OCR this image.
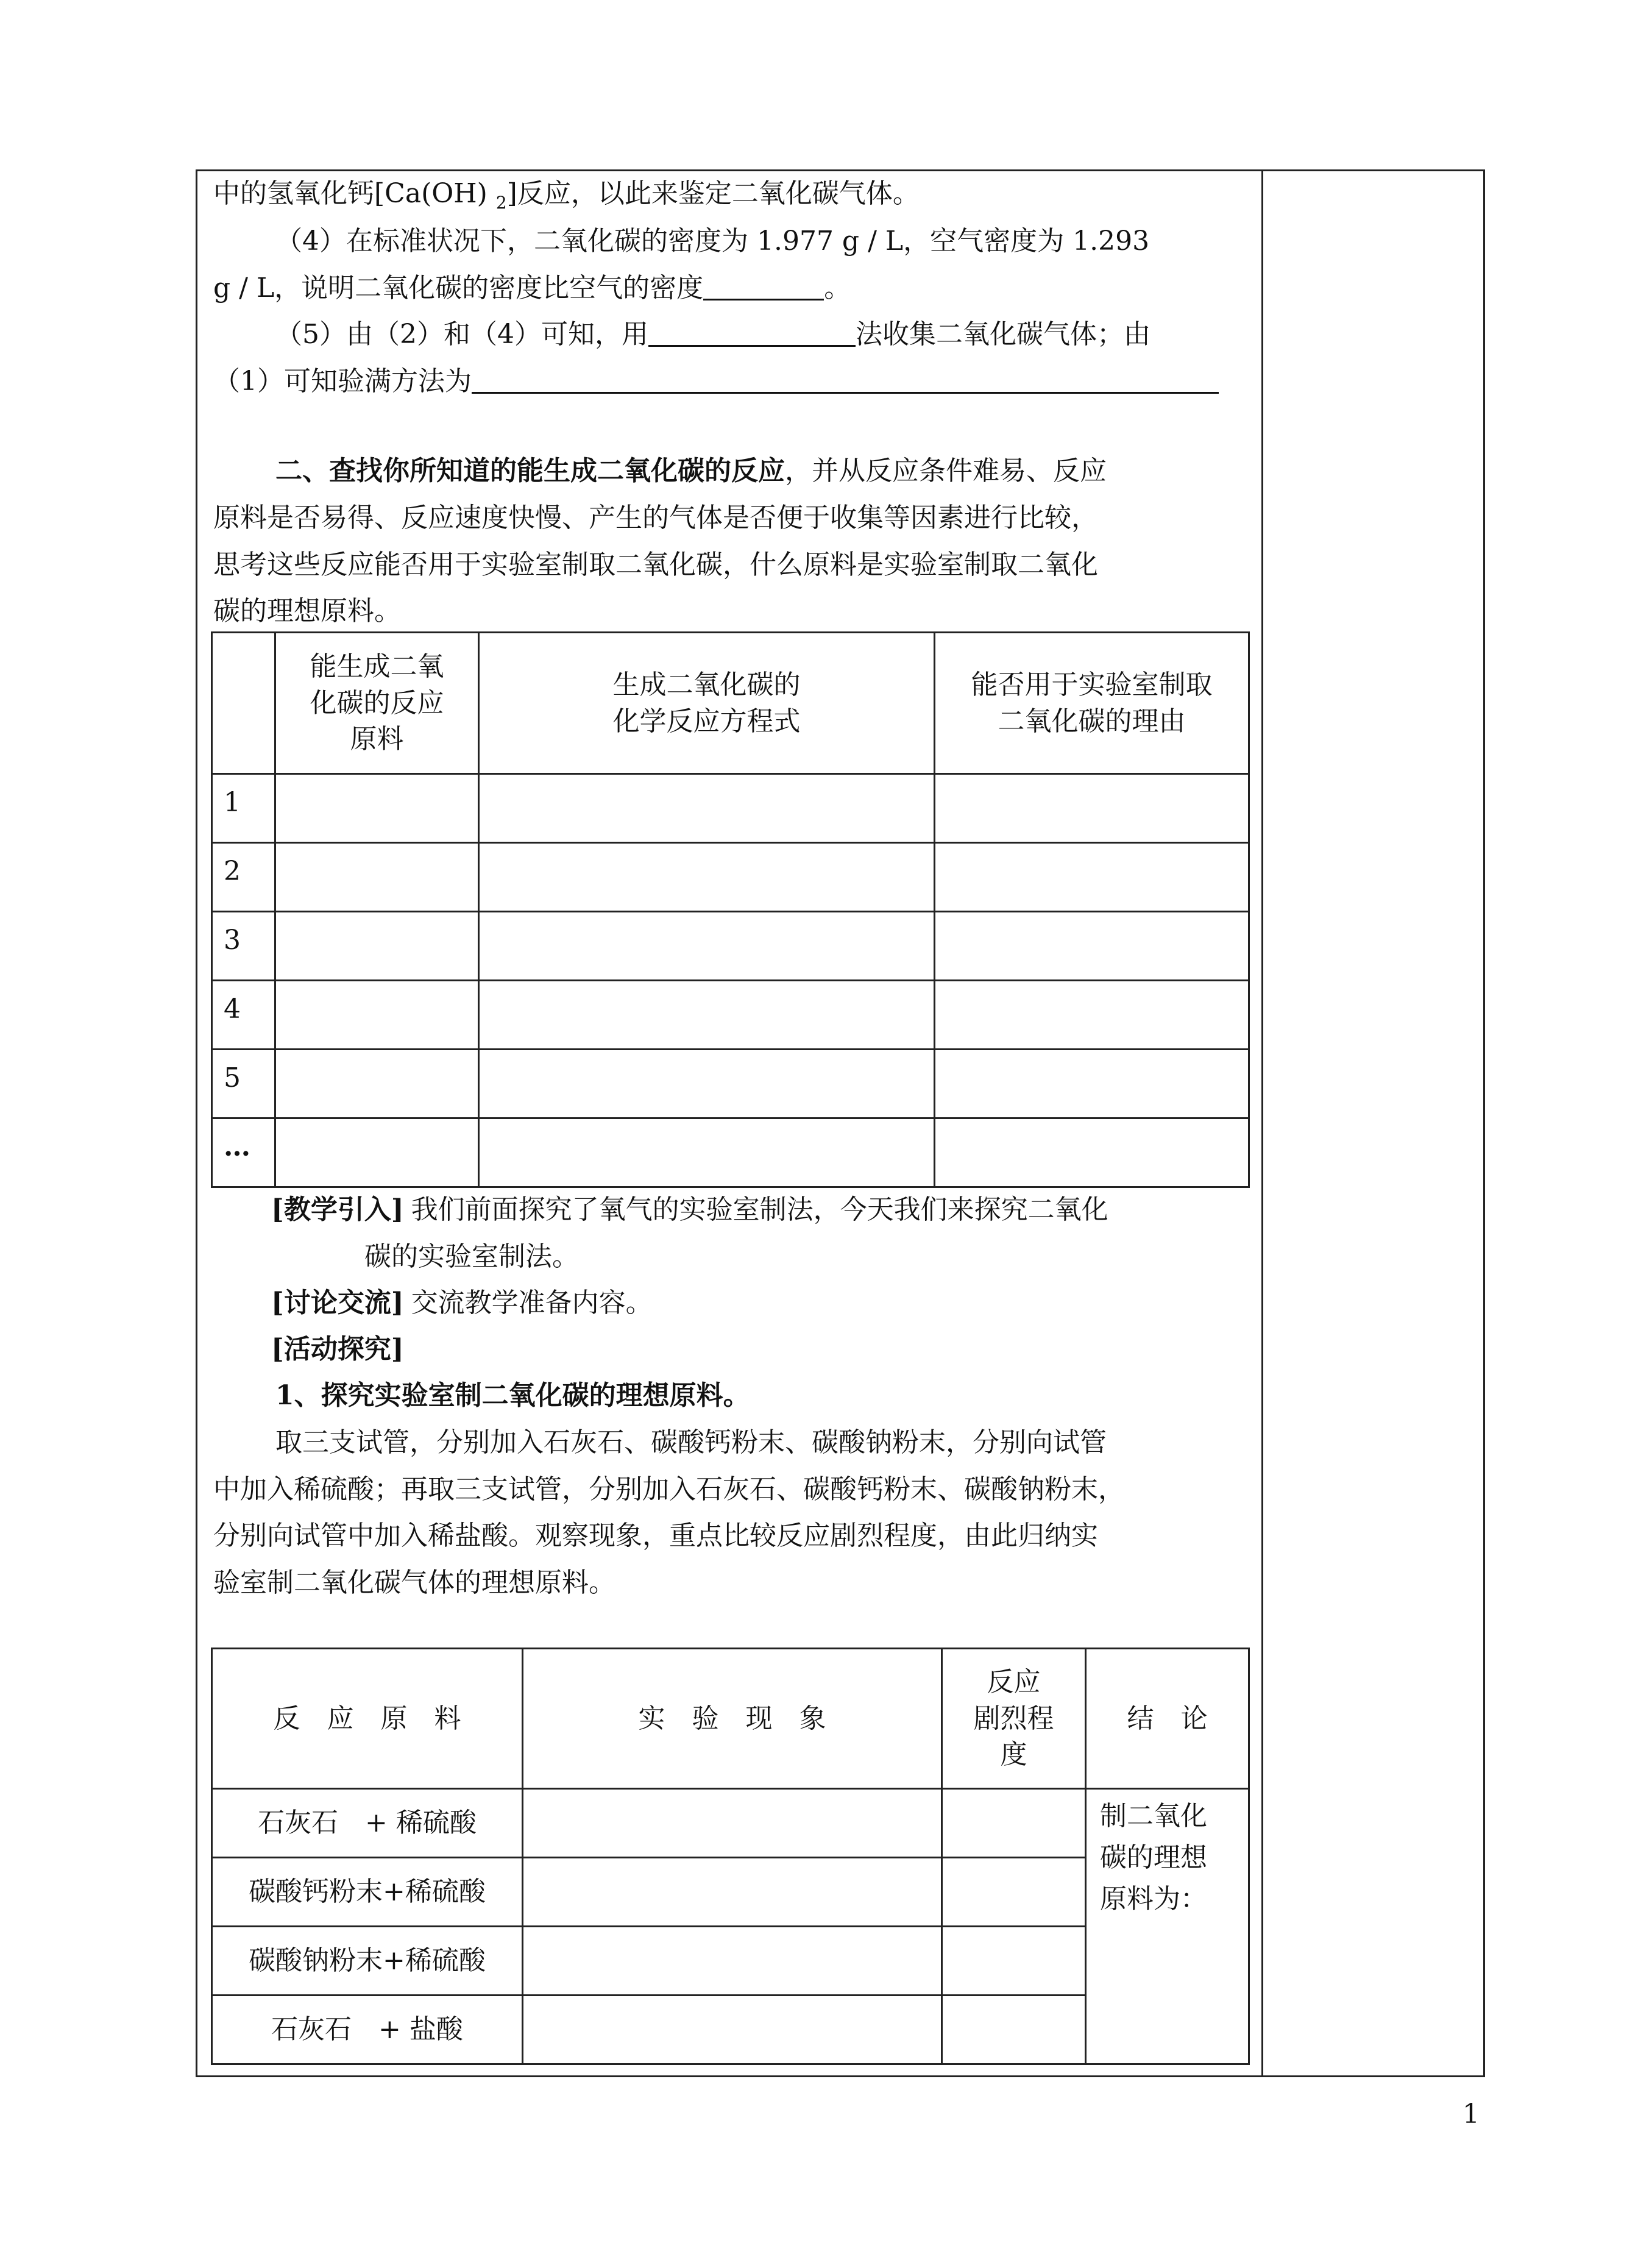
中的氢氧化钙[Ca(OH) $_2$]反应，以此来鉴定二氧化碳气体。
（4）在标准状况下，二氧化碳的密度为 1.977 g / L，空气密度为 1.293
g / L，说明二氧化碳的密度比空气的密度	。
（5）由（2）和（4）可知，用	法收集二氧化碳气体；由
（1）可知验满方法为
二、查找你所知道的能生成二氧化碳的反应，并从反应条件难易、反应
原料是否易得、反应速度快慢、产生的气体是否便于收集等因素进行比较，
思考这些反应能否用于实验室制取二氧化碳，什么原料是实验室制取二氧化
碳的理想原料。
	能生成二氧
化碳的反应
原料	生成二氧化碳的
化学反应方程式	能否用于实验室制取
二氧化碳的理由
1			
2			
3			
4			
5			
…			
[教学引入] 我们前面探究了氧气的实验室制法，今天我们来探究二氧化
碳的实验室制法。
[讨论交流] 交流教学准备内容。
[活动探究]
1、探究实验室制二氧化碳的理想原料。
取三支试管，分别加入石灰石、碳酸钙粉末、碳酸钠粉末，分别向试管
中加入稀硫酸；再取三支试管，分别加入石灰石、碳酸钙粉末、碳酸钠粉末，
分别向试管中加入稀盐酸。观察现象，重点比较反应剧烈程度，由此归纳实
验室制二氧化碳气体的理想原料。
反　应　原　料	实　验　现　象	反应
剧烈程
度	结　论
石灰石　+ 稀硫酸			制二氧化
碳的理想
原料为：
碳酸钙粉末+稀硫酸			
碳酸钠粉末+稀硫酸			
石灰石　+ 盐酸			
1
